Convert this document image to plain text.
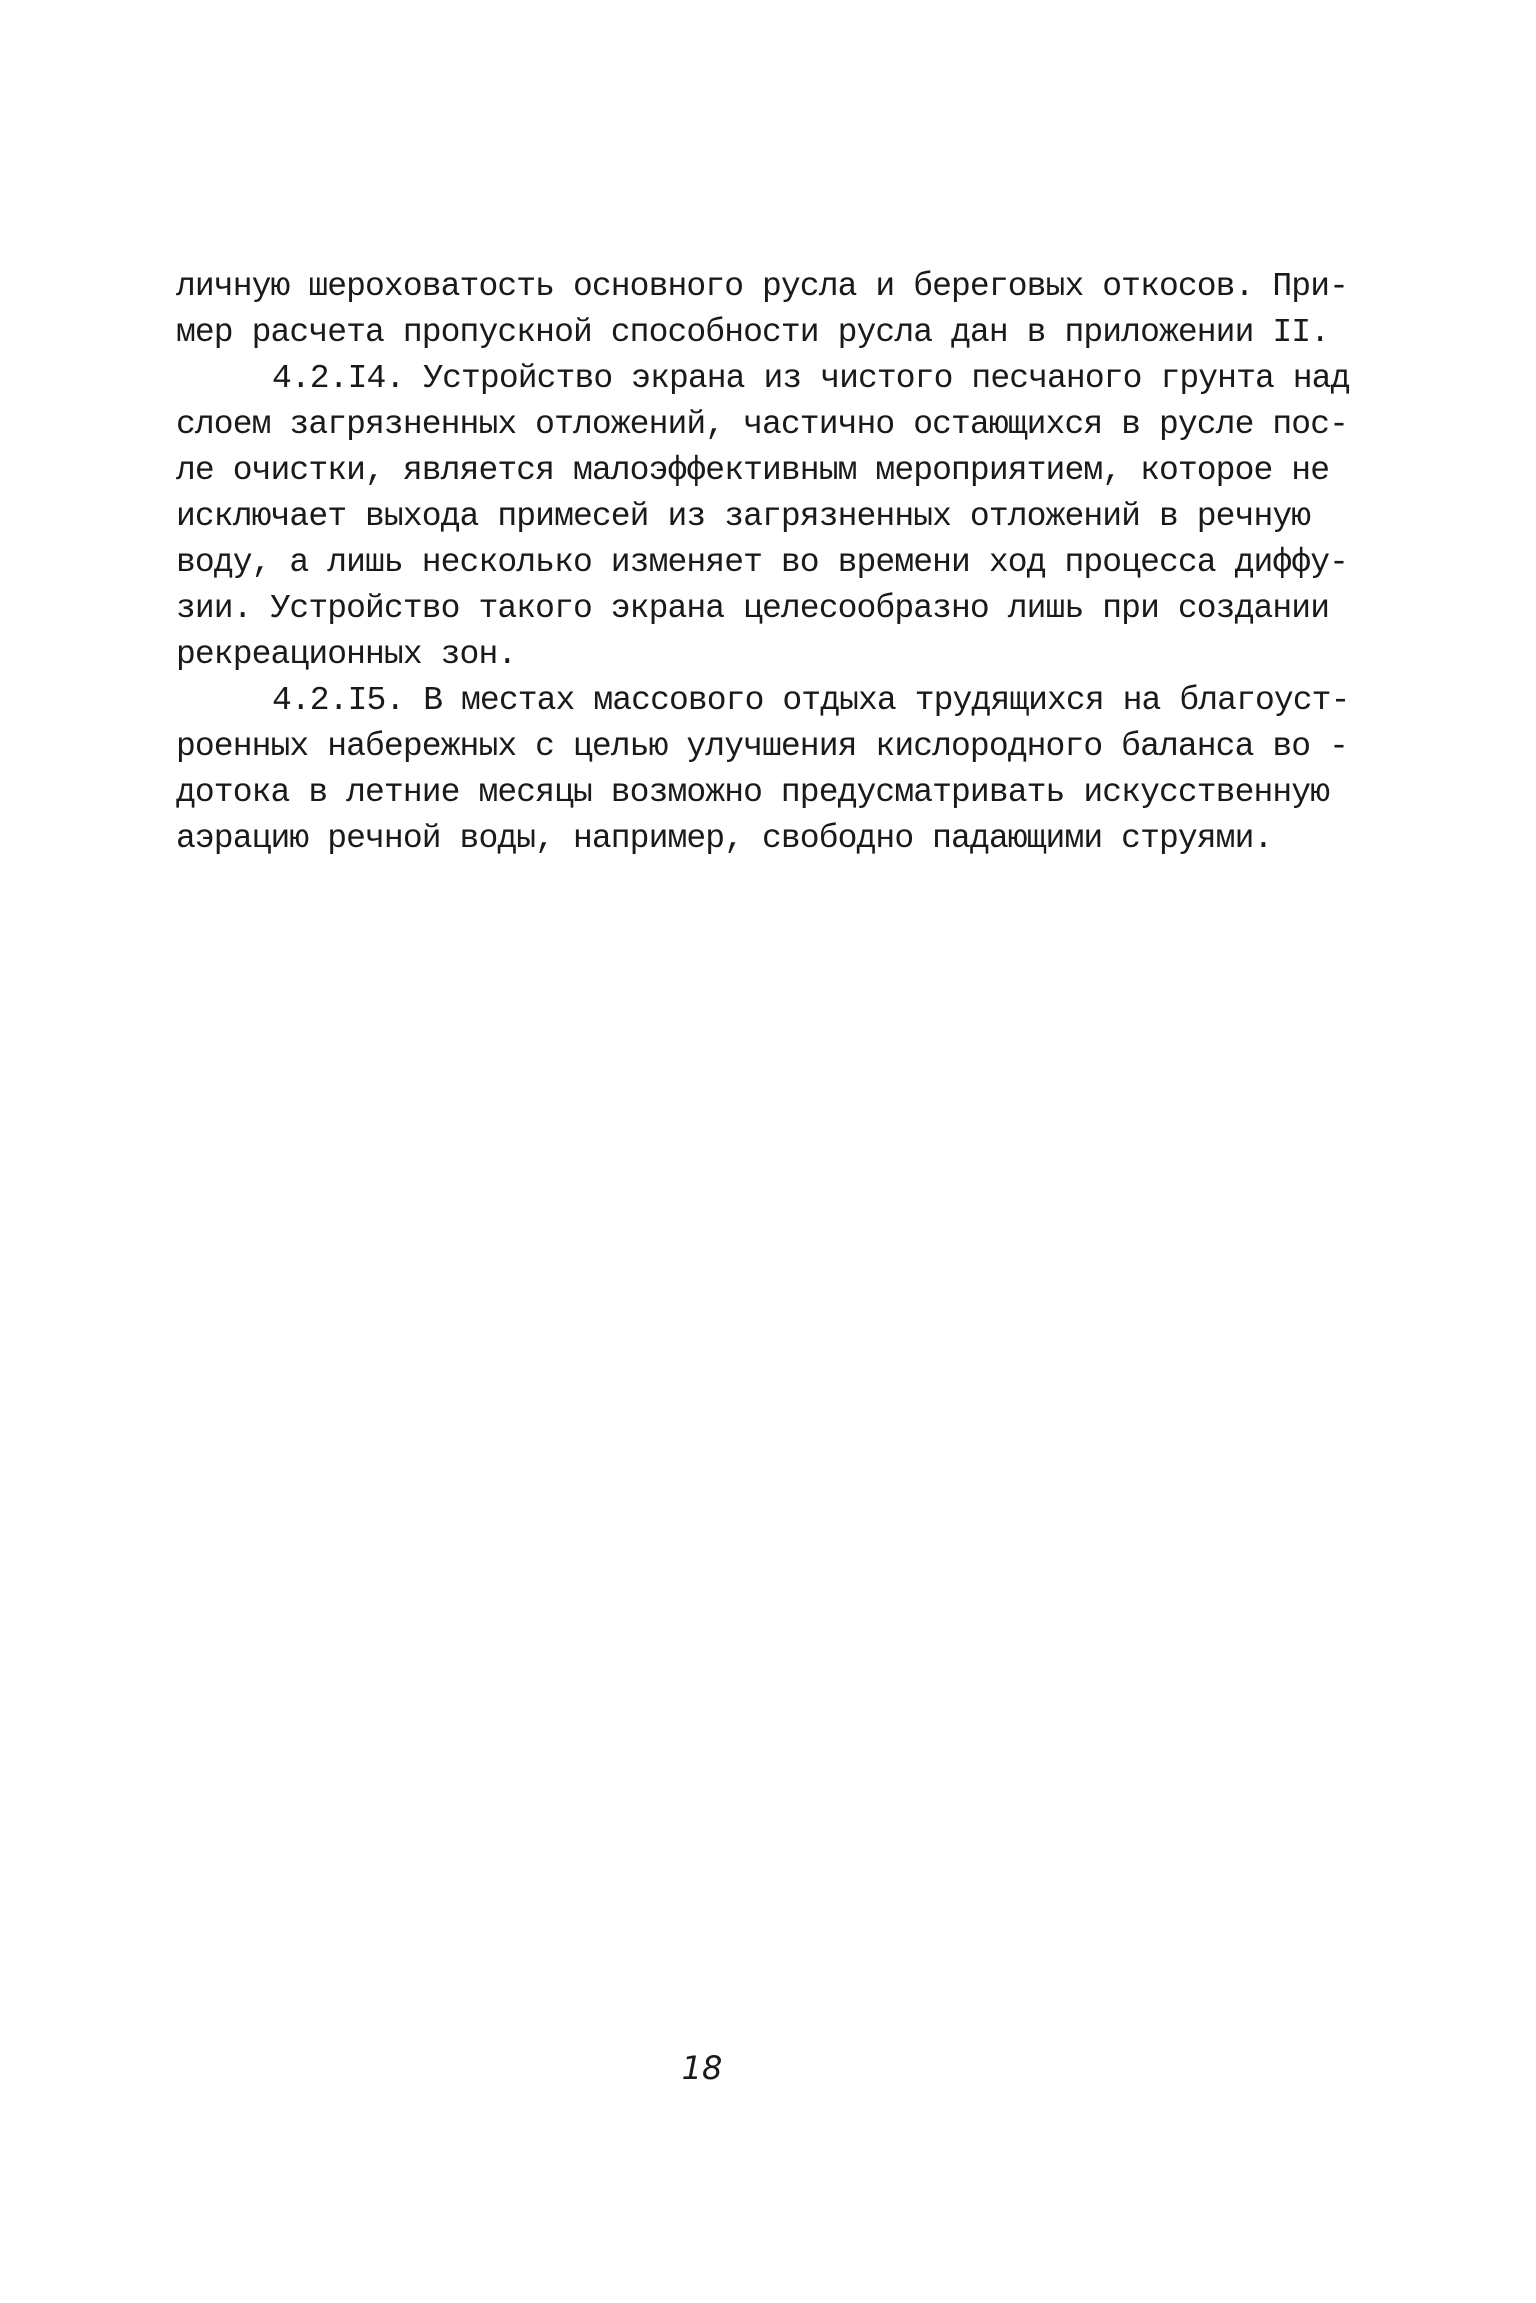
личную шероховатость основного русла и береговых откосов. При-
мер расчета пропускной способности русла дан в приложении II.
4.2.I4. Устройство экрана из чистого песчаного грунта над
слоем загрязненных отложений, частично остающихся в русле пос-
ле очистки, является малоэффективным мероприятием, которое не
исключает выхода примесей из загрязненных отложений в речную
воду, а лишь несколько изменяет во времени ход процесса диффу-
зии. Устройство такого экрана целесообразно лишь при создании
рекреационных зон.
4.2.I5. В местах массового отдыха трудящихся на благоуст-
роенных набережных с целью улучшения кислородного баланса во -
дотока в летние месяцы возможно предусматривать искусственную
аэрацию речной воды, например, свободно падающими струями.
18
